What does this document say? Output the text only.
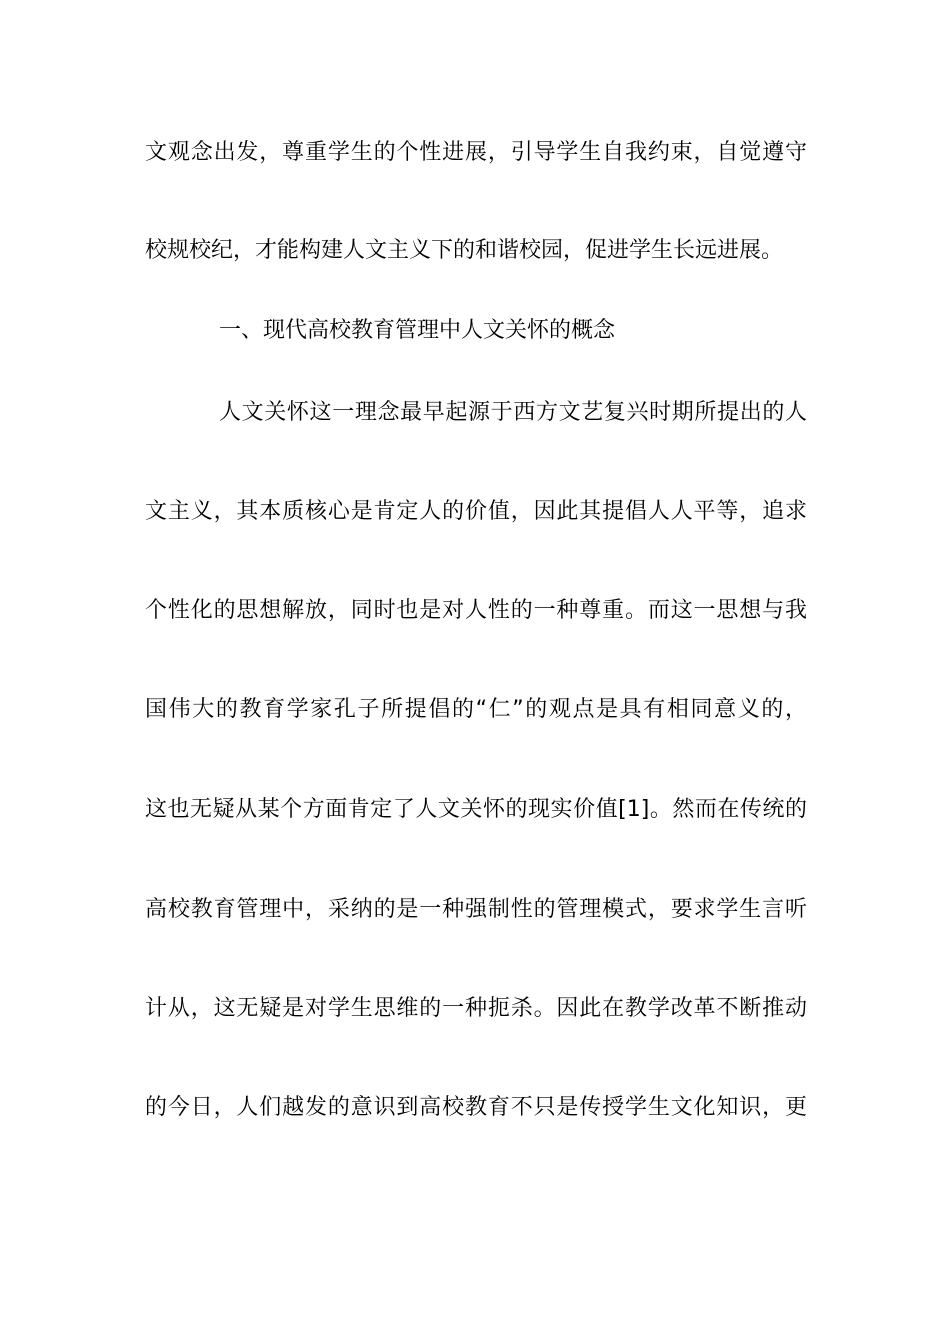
文观念出发，尊重学生的个性进展，引导学生自我约束，自觉遵守
校规校纪，才能构建人文主义下的和谐校园，促进学生长远进展。
一、现代高校教育管理中人文关怀的概念
人文关怀这一理念最早起源于西方文艺复兴时期所提出的人
文主义，其本质核心是肯定人的价值，因此其提倡人人平等，追求
个性化的思想解放，同时也是对人性的一种尊重。而这一思想与我
国伟大的教育学家孔子所提倡的“仁”的观点是具有相同意义的，
这也无疑从某个方面肯定了人文关怀的现实价值[1]。然而在传统的
高校教育管理中，采纳的是一种强制性的管理模式，要求学生言听
计从，这无疑是对学生思维的一种扼杀。因此在教学改革不断推动
的今日，人们越发的意识到高校教育不只是传授学生文化知识，更
